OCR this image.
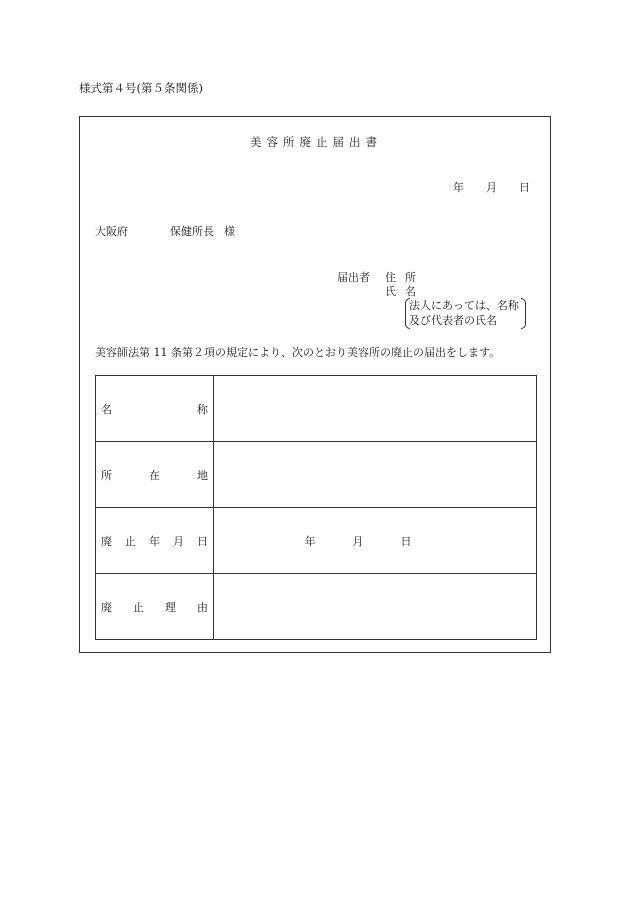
様式第４号(第５条関係)
美容所廃止届出書
年 月 日
大阪府	保健所長 様
届出者 住所
氏名
法人にあっては、名称
及び代表者の氏名
美容師法第 11 条第２項の規定により、次のとおり美容所の廃止の届出をします。
名 称	

所 在 地	

廃 止 年 月 日	年 月 日

廃 止 理 由	
